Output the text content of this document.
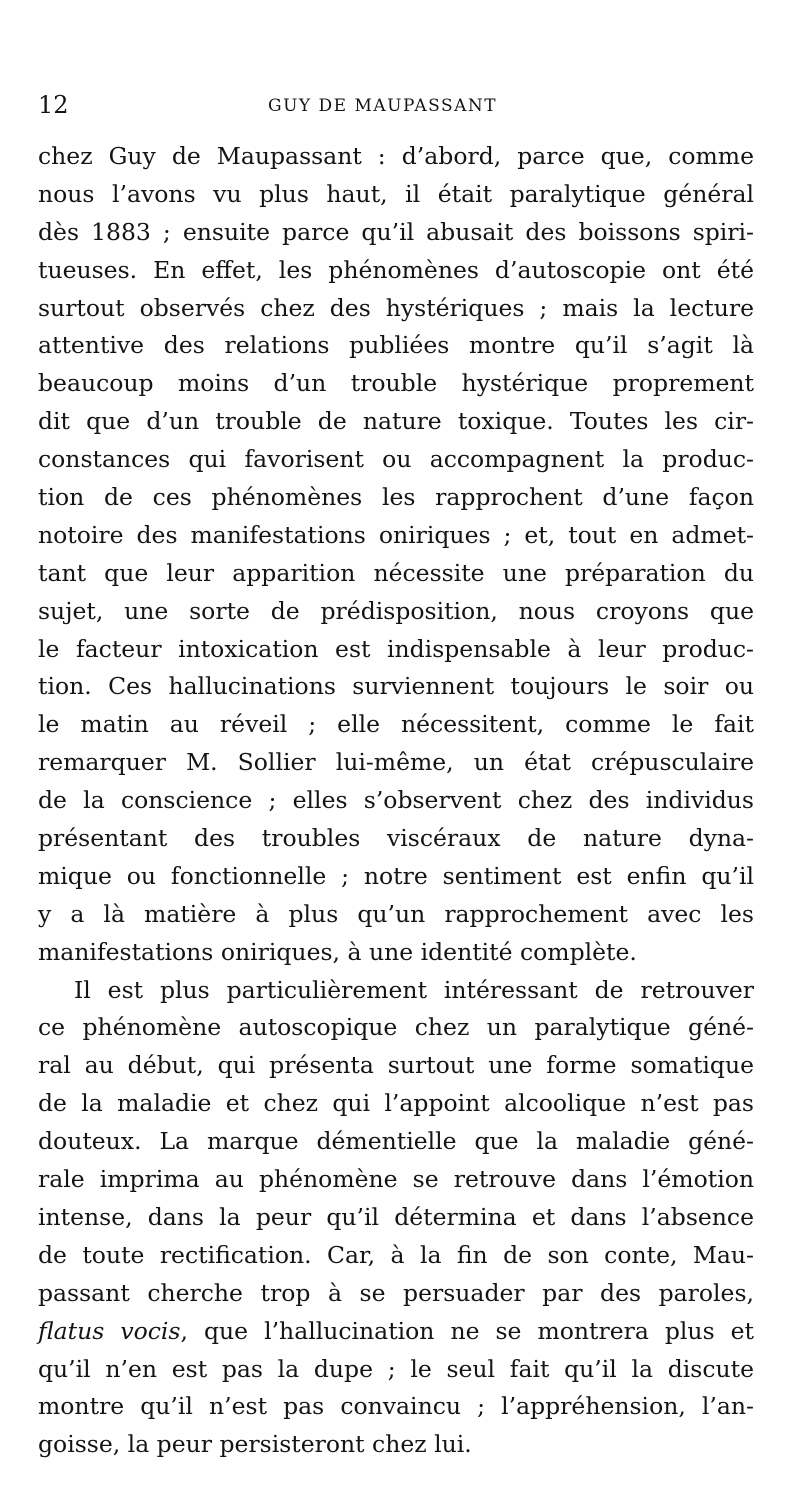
12	GUY DE MAUPASSANT
chez Guy de Maupassant : d’abord, parce que, comme
nous l’avons vu plus haut, il était paralytique général
dès 1883 ; ensuite parce qu’il abusait des boissons spiri-
tueuses. En effet, les phénomènes d’autoscopie ont été
surtout observés chez des hystériques ; mais la lecture
attentive des relations publiées montre qu’il s’agit là
beaucoup moins d’un trouble hystérique proprement
dit que d’un trouble de nature toxique. Toutes les cir-
constances qui favorisent ou accompagnent la produc-
tion de ces phénomènes les rapprochent d’une façon
notoire des manifestations oniriques ; et, tout en admet-
tant que leur apparition nécessite une préparation du
sujet, une sorte de prédisposition, nous croyons que
le facteur intoxication est indispensable à leur produc-
tion. Ces hallucinations surviennent toujours le soir ou
le matin au réveil ; elle nécessitent, comme le fait
remarquer M. Sollier lui-même, un état crépusculaire
de la conscience ; elles s’observent chez des individus
présentant des troubles viscéraux de nature dyna-
mique ou fonctionnelle ; notre sentiment est enfin qu’il
y a là matière à plus qu’un rapprochement avec les
manifestations oniriques, à une identité complète.
Il est plus particulièrement intéressant de retrouver
ce phénomène autoscopique chez un paralytique géné-
ral au début, qui présenta surtout une forme somatique
de la maladie et chez qui l’appoint alcoolique n’est pas
douteux. La marque démentielle que la maladie géné-
rale imprima au phénomène se retrouve dans l’émotion
intense, dans la peur qu’il détermina et dans l’absence
de toute rectification. Car, à la fin de son conte, Mau-
passant cherche trop à se persuader par des paroles,
flatus vocis, que l’hallucination ne se montrera plus et
qu’il n’en est pas la dupe ; le seul fait qu’il la discute
montre qu’il n’est pas convaincu ; l’appréhension, l’an-
goisse, la peur persisteront chez lui.
